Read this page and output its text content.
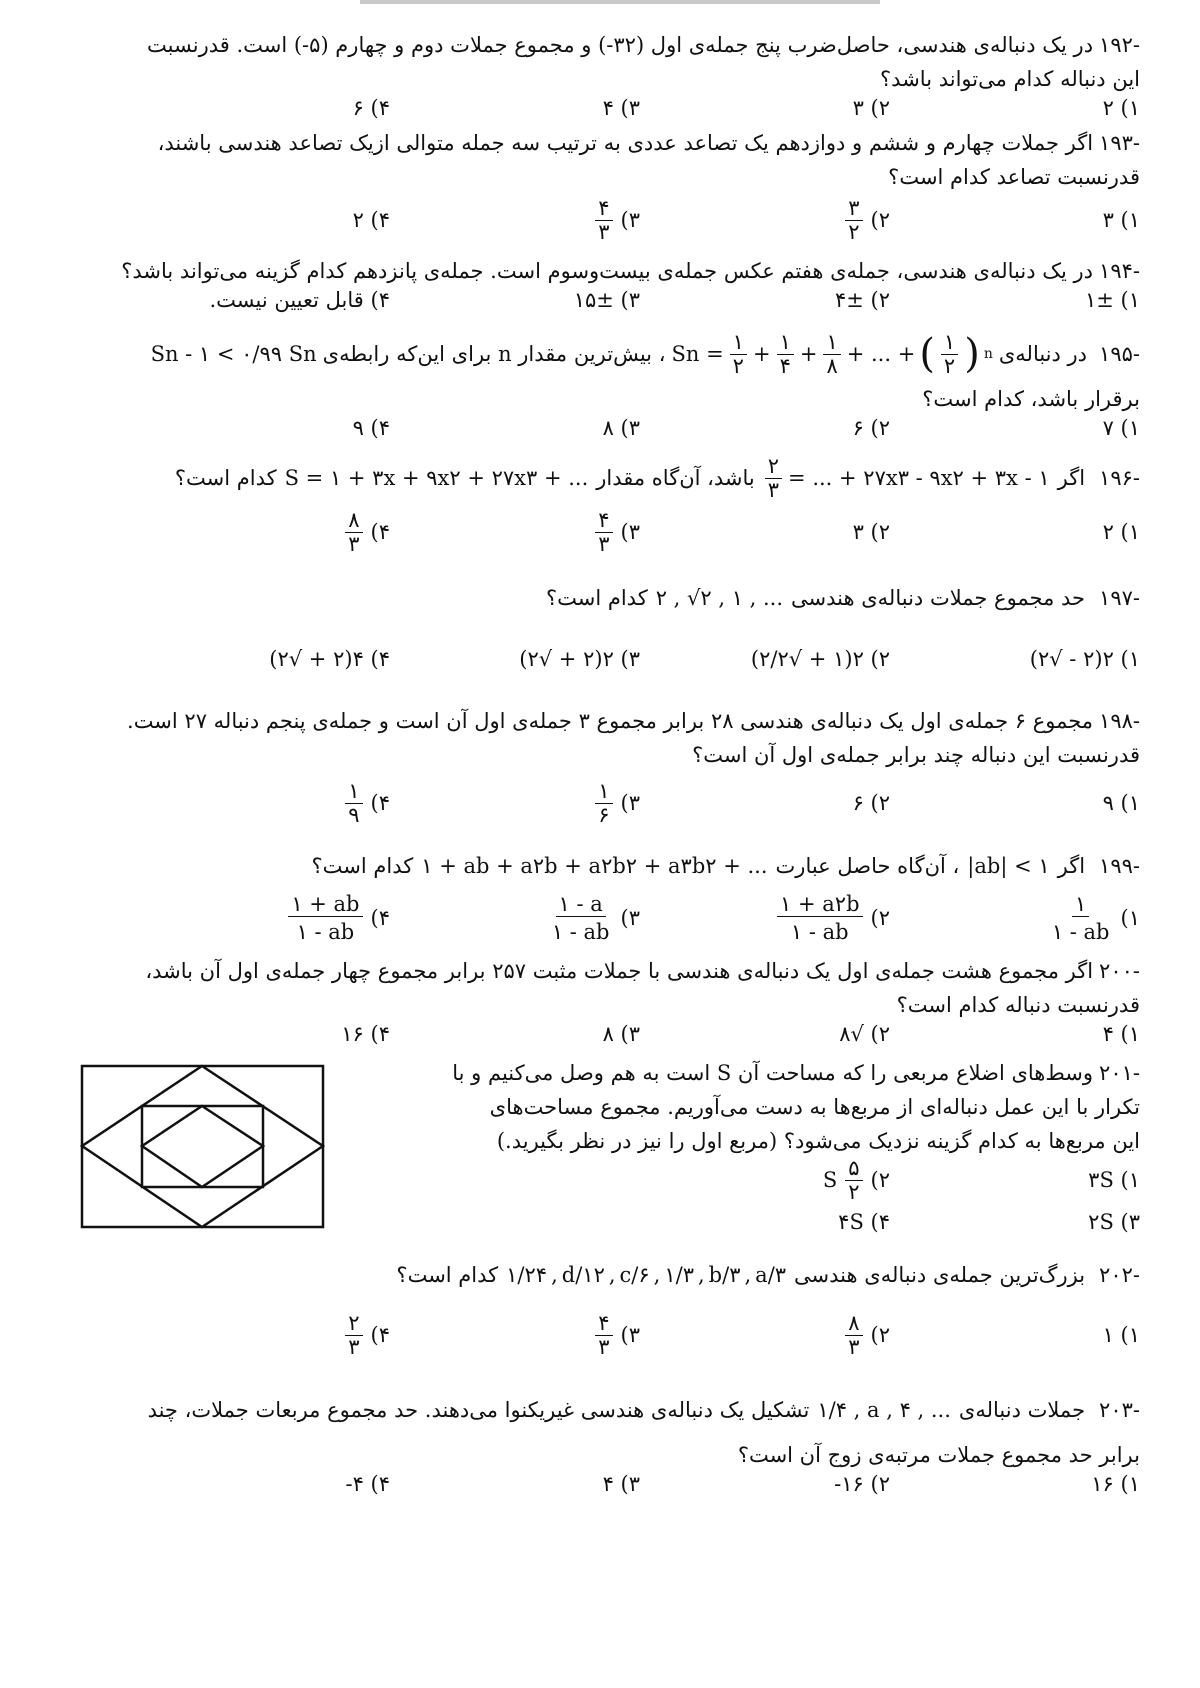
-۱۹۲در یک دنباله‌ی هندسی، حاصل‌ضرب پنج جمله‌ی اول (۳۲-) و مجموع جملات دوم و چهارم (۵-) است. قدرنسبت
این دنباله کدام می‌تواند باشد؟
۱) ۲
۲) ۳
۳) ۴
۴) ۶
-۱۹۳اگر جملات چهارم و ششم و دوازدهم یک تصاعد عددی به ترتیب سه جمله متوالی ازیک تصاعد هندسی باشند،
قدرنسبت تصاعد کدام است؟
۱) ۳
۲)
$\frac{۳}{۲}$
۳)
$\frac{۴}{۳}$
۴) ۲
-۱۹۴در یک دنباله‌ی هندسی، جمله‌ی هفتم عکس جمله‌ی بیست‌وسوم است. جمله‌ی پانزدهم کدام گزینه می‌تواند باشد؟
۱) ۱±
۲) ۴±
۳) ۱۵±
۴) قابل تعیین نیست.
-۱۹۵
در دنباله‌ی
$Sn = \frac{۱}{۲} + \frac{۱}{۴} + \frac{۱}{۸}$ + ... + ( $\frac{۱}{۲}$ ) n
، بیش‌ترین مقدار n برای این‌که رابطه‌ی
Sn - ۱ < ۰/۹۹ Sn
برقرار باشد، کدام است؟
۱) ۷
۲) ۶
۳) ۸
۴) ۹
-۱۹۶
اگر
$\frac{۲}{۳}$ = ... + ۲۷x۳ - ۹x۲ + ۳x - ۱
باشد، آن‌گاه مقدار
S = ۱ + ۳x + ۹x۲ + ۲۷x۳ + ...
کدام است؟
۱) ۲
۲) ۳
۳)
$\frac{۴}{۳}$
۴)
$\frac{۸}{۳}$
-۱۹۷
حد مجموع جملات دنباله‌ی هندسی
۲ , √۲ , ۱ , ...
کدام است؟
۱) ۲(۲ - √۲)
۲) ۲(۱ + √۲/۲)
۳) ۲(۲ + √۲)
۴) ۴(۲ + √۲)
-۱۹۸مجموع ۶ جمله‌ی اول یک دنباله‌ی هندسی ۲۸ برابر مجموع ۳ جمله‌ی اول آن است و جمله‌ی پنجم دنباله ۲۷ است.
قدرنسبت این دنباله چند برابر جمله‌ی اول آن است؟
۱) ۹
۲) ۶
۳)
$\frac{۱}{۶}$
۴)
$\frac{۱}{۹}$
-۱۹۹
اگر
|ab| < ۱
، آن‌گاه حاصل عبارت
۱ + ab + a۲b + a۲b۲ + a۳b۲ + ...
کدام است؟
۱)
$\frac{۱}{۱ - ab}$
۲)
$\frac{۱ + a۲b}{۱ - ab}$
۳)
$\frac{۱ - a}{۱ - ab}$
۴)
$\frac{۱ + ab}{۱ - ab}$
-۲۰۰اگر مجموع هشت جمله‌ی اول یک دنباله‌ی هندسی با جملات مثبت ۲۵۷ برابر مجموع چهار جمله‌ی اول آن باشد،
قدرنسبت دنباله کدام است؟
۱) ۴
۲) √۸
۳) ۸
۴) ۱۶
-۲۰۱وسط‌های اضلاع مربعی را که مساحت آن S است به هم وصل می‌کنیم و با
تکرار با این عمل دنباله‌ای از مربع‌ها به دست می‌آوریم. مجموع مساحت‌های
این مربع‌ها به کدام گزینه نزدیک می‌شود؟ (مربع اول را نیز در نظر بگیرید.)
۱) ۳S
۲)
$\frac{۵}{۲}$
S
۳) ۲S
۴) ۴S
-۲۰۲
بزرگ‌ترین جمله‌ی دنباله‌ی هندسی
۱/۲۴ , d/۱۲ , c/۶ , ۱/۳ , b/۳ , a/۳
کدام است؟
۱) ۱
۲)
$\frac{۸}{۳}$
۳)
$\frac{۴}{۳}$
۴)
$\frac{۲}{۳}$
-۲۰۳
جملات دنباله‌ی
۱/۴ , a , ۴ , ...
تشکیل یک دنباله‌ی هندسی غیریکنوا می‌دهند. حد مجموع مربعات جملات، چند
برابر حد مجموع جملات مرتبه‌ی زوج آن است؟
۱) ۱۶
۲) ۱۶-
۳) ۴
۴) ۴-
